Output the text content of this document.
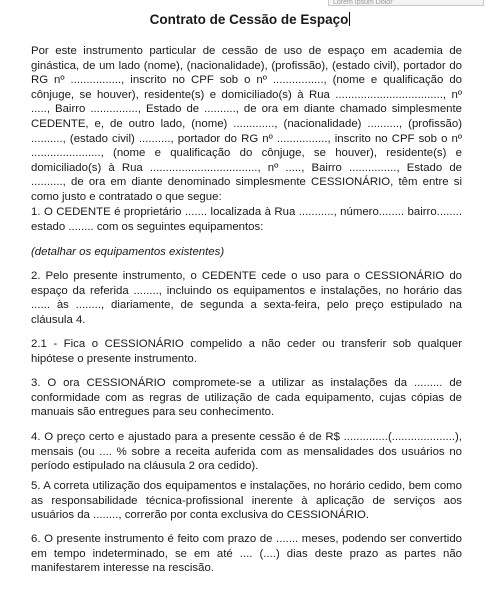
Lorem Ipsum Dolor
Contrato de Cessão de Espaço

Por este instrumento particular de cessão de uso de espaço em academia de ginástica, de um lado (nome), (nacionalidade), (profissão), (estado civil), portador do RG nº ................, inscrito no CPF sob o nº ................, (nome e qualificação do cônjuge, se houver), residente(s) e domiciliado(s) à Rua .................................., nº ....., Bairro ..............., Estado de .........., de ora em diante chamado simplesmente CEDENTE, e, de outro lado, (nome) ............., (nacionalidade) .........., (profissão) .........., (estado civil) .........., portador do RG nº ................, inscrito no CPF sob o nº ......................, (nome e qualificação do cônjuge, se houver), residente(s) e domiciliado(s) à Rua .................................., nº ....., Bairro ..............., Estado de .........., de ora em diante denominado simplesmente CESSIONÁRIO, têm entre si como justo e contratado o que segue:

1. O CEDENTE é proprietário ....... localizada à Rua ..........., número........ bairro........ estado ........ com os seguintes equipamentos:

(detalhar os equipamentos existentes)

2. Pelo presente instrumento, o CEDENTE cede o uso para o CESSIONÁRIO do espaço da referida ........, incluindo os equipamentos e instalações, no horário das ...... às ........, diariamente, de segunda a sexta-feira, pelo preço estipulado na cláusula 4.

2.1 - Fica o CESSIONÁRIO compelido a não ceder ou transferir sob qualquer hipótese o presente instrumento.

3. O ora CESSIONÁRIO compromete-se a utilizar as instalações da ......... de conformidade com as regras de utilização de cada equipamento, cujas cópias de manuais são entregues para seu conhecimento.

4. O preço certo e ajustado para a presente cessão é de R$ ..............(....................), mensais (ou .... % sobre a receita auferida com as mensalidades dos usuários no período estipulado na cláusula 2 ora cedido).

5. A correta utilização dos equipamentos e instalações, no horário cedido, bem como as responsabilidade técnica-profissional inerente à aplicação de serviços aos usuários da ........, correrão por conta exclusiva do CESSIONÁRIO.

6. O presente instrumento é feito com prazo de ....... meses, podendo ser convertido em tempo indeterminado, se em até .... (....) dias deste prazo as partes não manifestarem interesse na rescisão.
